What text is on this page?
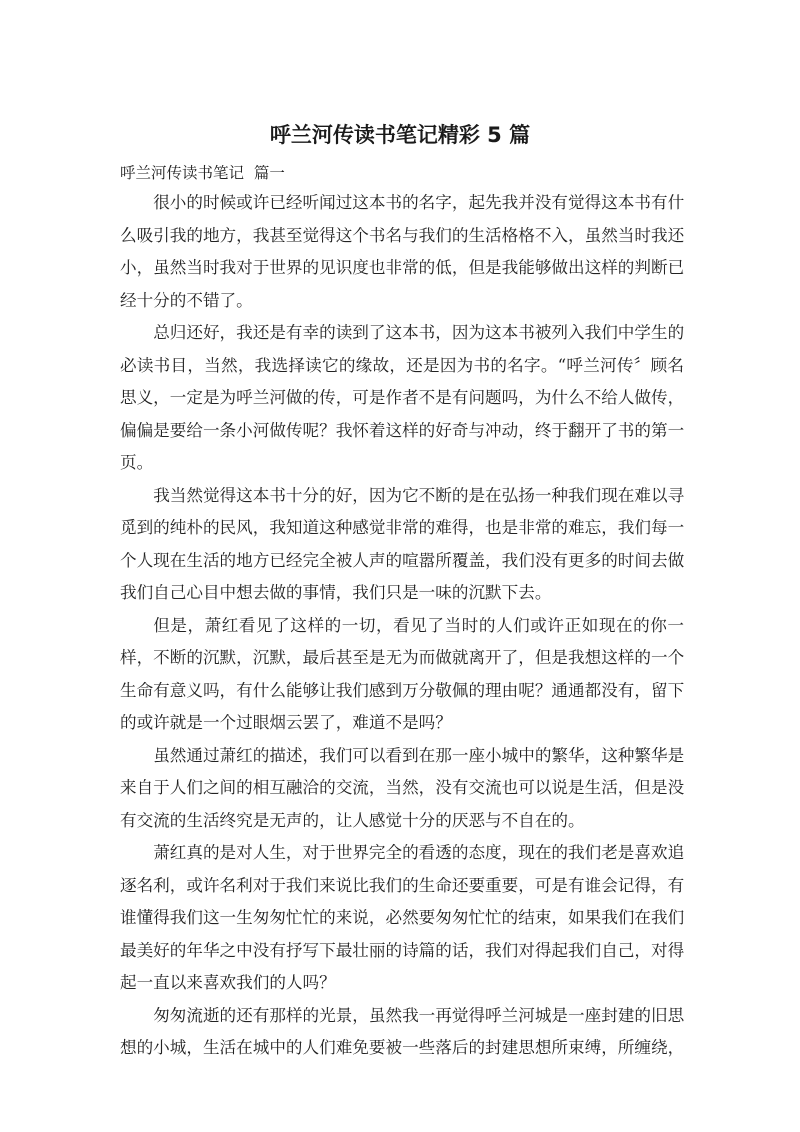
呼兰河传读书笔记精彩 5 篇
呼兰河传读书笔记  篇一

很小的时候或许已经听闻过这本书的名字，起先我并没有觉得这本书有什
么吸引我的地方，我甚至觉得这个书名与我们的生活格格不入，虽然当时我还
小，虽然当时我对于世界的见识度也非常的低，但是我能够做出这样的判断已
经十分的不错了。

总归还好，我还是有幸的读到了这本书，因为这本书被列入我们中学生的
必读书目，当然，我选择读它的缘故，还是因为书的名字。“呼兰河传〞顾名
思义，一定是为呼兰河做的传，可是作者不是有问题吗，为什么不给人做传，
偏偏是要给一条小河做传呢？我怀着这样的好奇与冲动，终于翻开了书的第一
页。

我当然觉得这本书十分的好，因为它不断的是在弘扬一种我们现在难以寻
觅到的纯朴的民风，我知道这种感觉非常的难得，也是非常的难忘，我们每一
个人现在生活的地方已经完全被人声的喧嚣所覆盖，我们没有更多的时间去做
我们自己心目中想去做的事情，我们只是一味的沉默下去。

但是，萧红看见了这样的一切，看见了当时的人们或许正如现在的你一
样，不断的沉默，沉默，最后甚至是无为而做就离开了，但是我想这样的一个
生命有意义吗，有什么能够让我们感到万分敬佩的理由呢？通通都没有，留下
的或许就是一个过眼烟云罢了，难道不是吗？

虽然通过萧红的描述，我们可以看到在那一座小城中的繁华，这种繁华是
来自于人们之间的相互融洽的交流，当然，没有交流也可以说是生活，但是没
有交流的生活终究是无声的，让人感觉十分的厌恶与不自在的。

萧红真的是对人生，对于世界完全的看透的态度，现在的我们老是喜欢追
逐名利，或许名利对于我们来说比我们的生命还要重要，可是有谁会记得，有
谁懂得我们这一生匆匆忙忙的来说，必然要匆匆忙忙的结束，如果我们在我们
最美好的年华之中没有抒写下最壮丽的诗篇的话，我们对得起我们自己，对得
起一直以来喜欢我们的人吗？

匆匆流逝的还有那样的光景，虽然我一再觉得呼兰河城是一座封建的旧思
想的小城，生活在城中的人们难免要被一些落后的封建思想所束缚，所缠绕，
